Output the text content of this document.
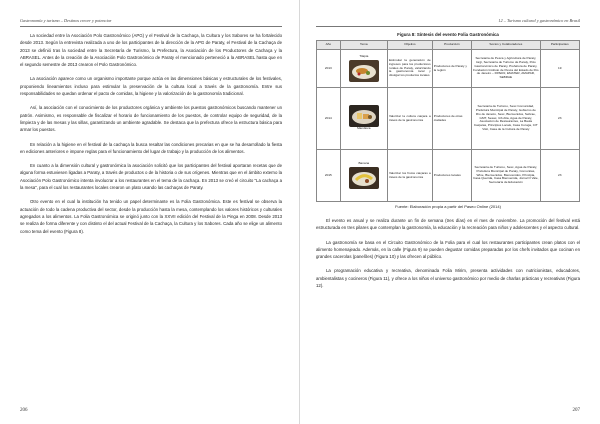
Gastronomía y turismo – Destinos crecer y potenciar

La sociedad entre la Asociación Polo Gastronómico (APG) y el Festival de la Cachaça, la Cultura y los Sabores se ha fortalecido desde 2013. Según la entrevista realizada a uno de los participantes de la dirección de la APG de Paraty, el Festival de la Cachaça de 2013 se definió tras la sociedad entre la Secretaría de Turismo, la Prefectura, la Asociación de los Productores de Cachaça y la ABRASEL. Antes de la creación de la Asociación Polo Gastronómico de Paraty el mencionado perteneció a la ABRASEL hasta que en el segundo semestre de 2013 crearon el Polo Gastronómico.

La asociación aparece como un organismo importante porque actúa en las dimensiones básicas y estructurales de los festivales, proponiendo lineamientos incluso para estimular la preservación de la cultura local a través de la gastronomía. Entre sus responsabilidades se quedan ordenar el pacto de comidas, la higiene y la valorización de la gastronomía tradicional.

Así, la asociación con el conocimiento de los productores orgánica y ambiente los puestos gastronómicos buscando mantener un patrón. Asimismo, es responsable de fiscalizar el horario de funcionamiento de los puestos, de controlar equipo de seguridad, de la limpieza y de las mesas y las sillas, garantizando un ambiente agradable. Se destaca que la prefectura ofrece la estructura básica para armar los puestos.

En relación a la higiene en el festival de la cachaça la busca resaltar las condiciones precarias en que se ha desarrollado la fiesta en ediciones anteriores e impone reglas para el funcionamiento del lugar de trabajo y la producción de los alimentos.

En cuanto a la dimensión cultural y gastronómica la asociación solicitó que los participantes del festival aportaran recetas que de alguna forma estuviesen ligadas a Paraty, a través de productos o de la historia o de sus orígenes. Mientras que en el ámbito externo la Asociación Polo Gastronómico intenta involucrar a los restaurantes en el tema de la cachaça. En 2013 se creó el circuito "La cachaça a la mesa", para el cual los restaurantes locales crearon un plato usando las cachaças de Paraty.

Otro evento en el cual la institución ha tenido un papel determinante es la Folia Gastronómica. Este es festival se observa la actuación de todo la cadena productiva del sector, desde la producción hasta la mesa, contemplando los valores históricos y culturales agregados a los alimentos. La Folia Gastronómica se originó junto con la XXVII edición del Festival de la Pinga en 2008. Desde 2013 se realiza de forma diferente y con distinto el del actual Festival de la Cachaça, la Cultura y los Sabores. Cada año se elige un alimento como tema del evento (Figura 8).

206
12 – Turismo cultural y gastronómico en Brasil
Figura 8: Síntesis del evento Folia Gastronómica
Año	Tema	Objetivo	Producción	Socios y Colaboradores	Participantes
2013	Tilapia	Estimular la generación de ingresos para los productores rurales de Paraty, valorizando la gastronomía local y divulgar los productos locales	Productores de Paraty y la región	Secretaría de Pesca y Agricultura de Paraty, Iorgi, Secretaría de Turismo de Paraty, Polo Gastronómico de Paraty, Prefeitura de Paraty, Fundación Instituto de Pesca del Estado de Río de Janeiro – FIPERJ, EMATER, AMAPAR, SEBRAE	19
2014	Mandioca	Valorizar la cultura caiçara a través de la gastronomía	Productores de otras ciudades	Secretaría de Turismo, Sesc Comunidad, Prefeitura Municipal de Paraty, Gobierno de Río de Janeiro, Sesc, Bienvenidos, Sebrae, GMT, Sesac, GS Alta, Agua de Paraty, Asociación de Restaurantes, La Baula Caiçaras, Principios Locais, Casa Curuga, CIT Visit, Casa de la Cultura de Paraty	23
2015	Banana	Valorizar los frutos caiçaras a través de la gastronomía	Productores locales	Secretaría de Turismo, Sesc, Agua de Paraty, Prefeitura Municipal de Paraty, Comunitas, Wine, Bienvenidos, Bienvenidos, Principia, Casa Querida, Casa Bienvenida, Jornal O Vale, Secretaría de Educación	23
Fuente: Elaboración propia a partir del Paseo Online (2014)

El evento es anual y se realiza durante un fin de semana (tres días) en el mes de noviembre. La promoción del festival está estructurada en tres pilares que contemplan la gastronomía, la educación y la recreación para niños y adolescentes y el aspecto cultural.

La gastronomía se basa en el Circuito Gastronómico de la Folia para el cual los restaurantes participantes crean platos con el alimento homenajeado. Además, en la calle (Figura 9) se pueden degustar comidas preparadas por los chefs invitados que cocinan en grandes cacerolas (panelões) (Figura 10) y las ofrecen al público.

La programación educativa y recreativa, denominada Folia Mirim, presenta actividades con nutricionistas, educadores, ambientalistas y cocineros (Figura 11), y ofrece a los niños el universo gastronómico por medio de charlas prácticas y recreativas (Figura 12).

207
